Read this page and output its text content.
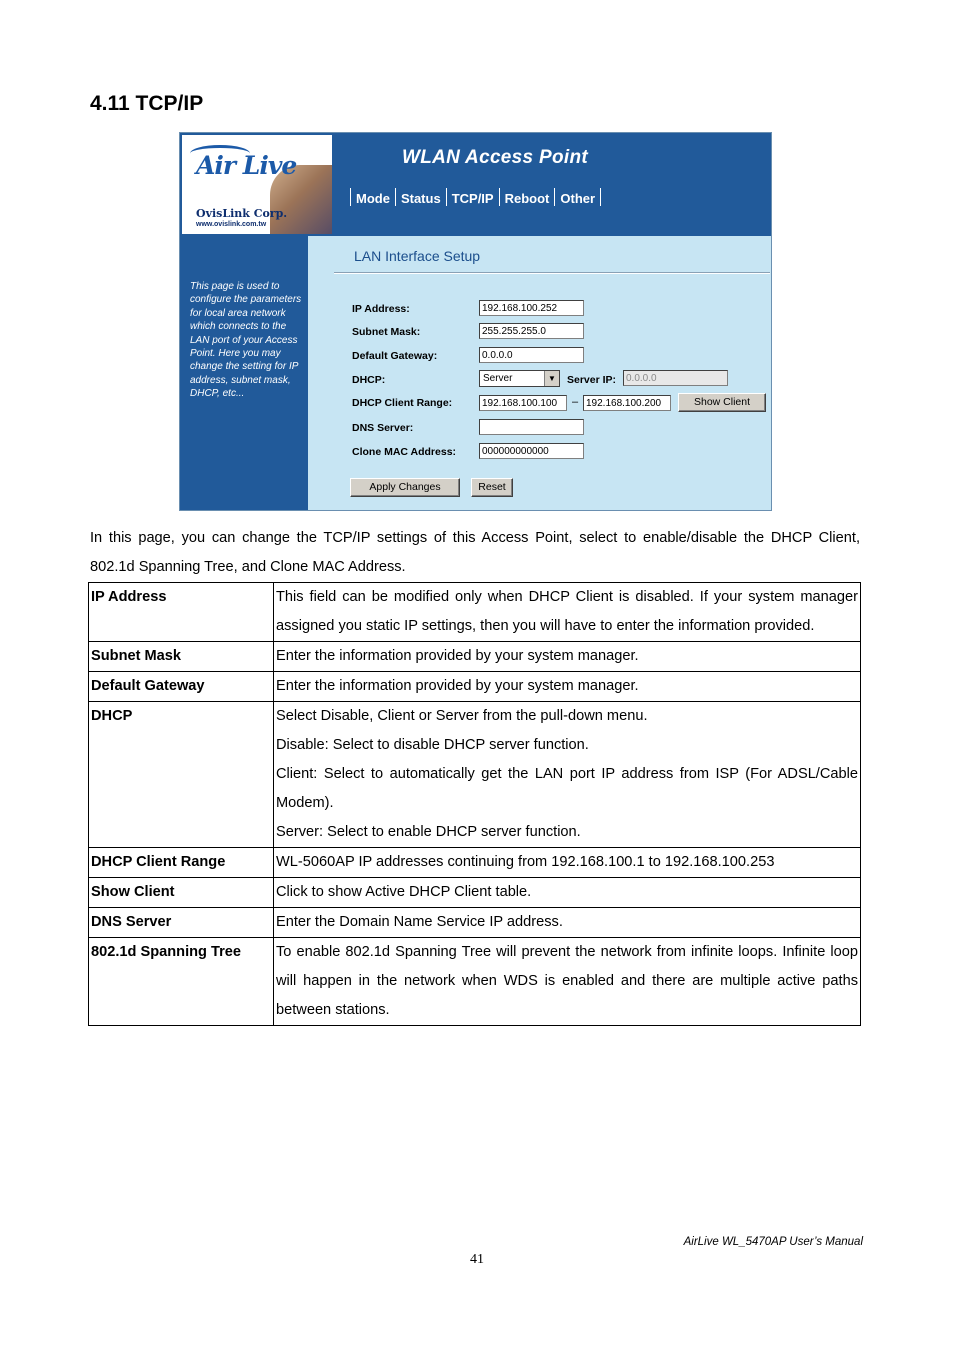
4.11 TCP/IP
Air Live
OvisLink Corp.
www.ovislink.com.tw
WLAN Access Point
Mode Status TCP/IP Reboot Other
This page is used to configure the parameters for local area network which connects to the LAN port of your Access Point. Here you may change the setting for IP address, subnet mask, DHCP, etc...
LAN Interface Setup
IP Address:	192.168.100.252
Subnet Mask:	255.255.255.0
Default Gateway:	0.0.0.0
DHCP:	Server	▼ Server IP: 0.0.0.0
DHCP Client Range:	192.168.100.100	– 192.168.100.200	Show Client
DNS Server:
Clone MAC Address:	000000000000
Apply Changes	Reset

In this page, you can change the TCP/IP settings of this Access Point, select to enable/disable the DHCP Client, 802.1d Spanning Tree, and Clone MAC Address.

IP Address	This field can be modified only when DHCP Client is disabled. If your system manager assigned you static IP settings, then you will have to enter the information provided.

Subnet Mask	Enter the information provided by your system manager.

Default Gateway	Enter the information provided by your system manager.

DHCP	Select Disable, Client or Server from the pull-down menu.

Disable: Select to disable DHCP server function.

Client: Select to automatically get the LAN port IP address from ISP (For ADSL/Cable Modem).

Server: Select to enable DHCP server function.

DHCP Client Range	WL-5060AP IP addresses continuing from 192.168.100.1 to 192.168.100.253

Show Client	Click to show Active DHCP Client table.

DNS Server	Enter the Domain Name Service IP address.

802.1d Spanning Tree	To enable 802.1d Spanning Tree will prevent the network from infinite loops. Infinite loop will happen in the network when WDS is enabled and there are multiple active paths between stations.

AirLive WL_5470AP User’s Manual
41
